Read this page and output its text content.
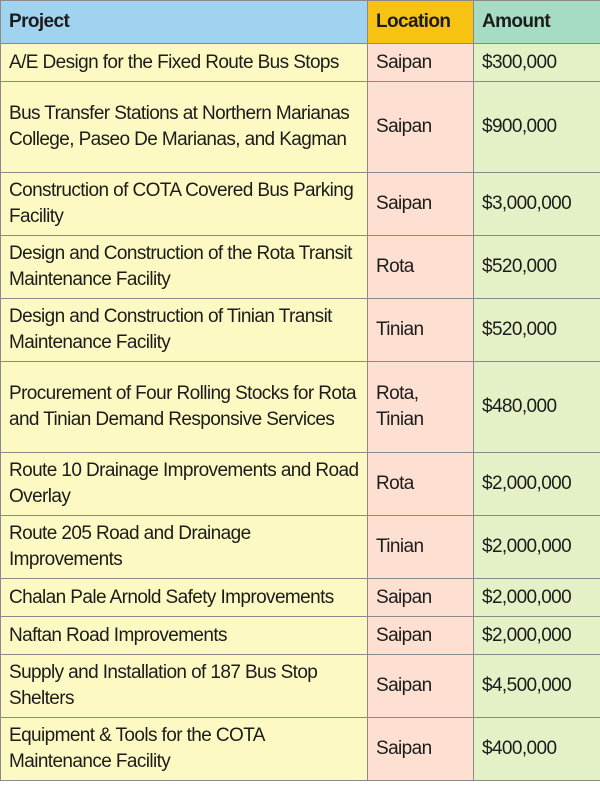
Project	Location	Amount
A/E Design for the Fixed Route Bus Stops	Saipan	$300,000
Bus Transfer Stations at Northern Marianas College, Paseo De Marianas, and Kagman	Saipan	$900,000
Construction of COTA Covered Bus Parking Facility	Saipan	$3,000,000
Design and Construction of the Rota Transit Maintenance Facility	Rota	$520,000
Design and Construction of Tinian Transit Maintenance Facility	Tinian	$520,000
Procurement of Four Rolling Stocks for Rota and Tinian Demand Responsive Services	Rota, Tinian	$480,000
Route 10 Drainage Improvements and Road Overlay	Rota	$2,000,000
Route 205 Road and Drainage Improvements	Tinian	$2,000,000
Chalan Pale Arnold Safety Improvements	Saipan	$2,000,000
Naftan Road Improvements	Saipan	$2,000,000
Supply and Installation of 187 Bus Stop Shelters	Saipan	$4,500,000
Equipment & Tools for the COTA Maintenance Facility	Saipan	$400,000
